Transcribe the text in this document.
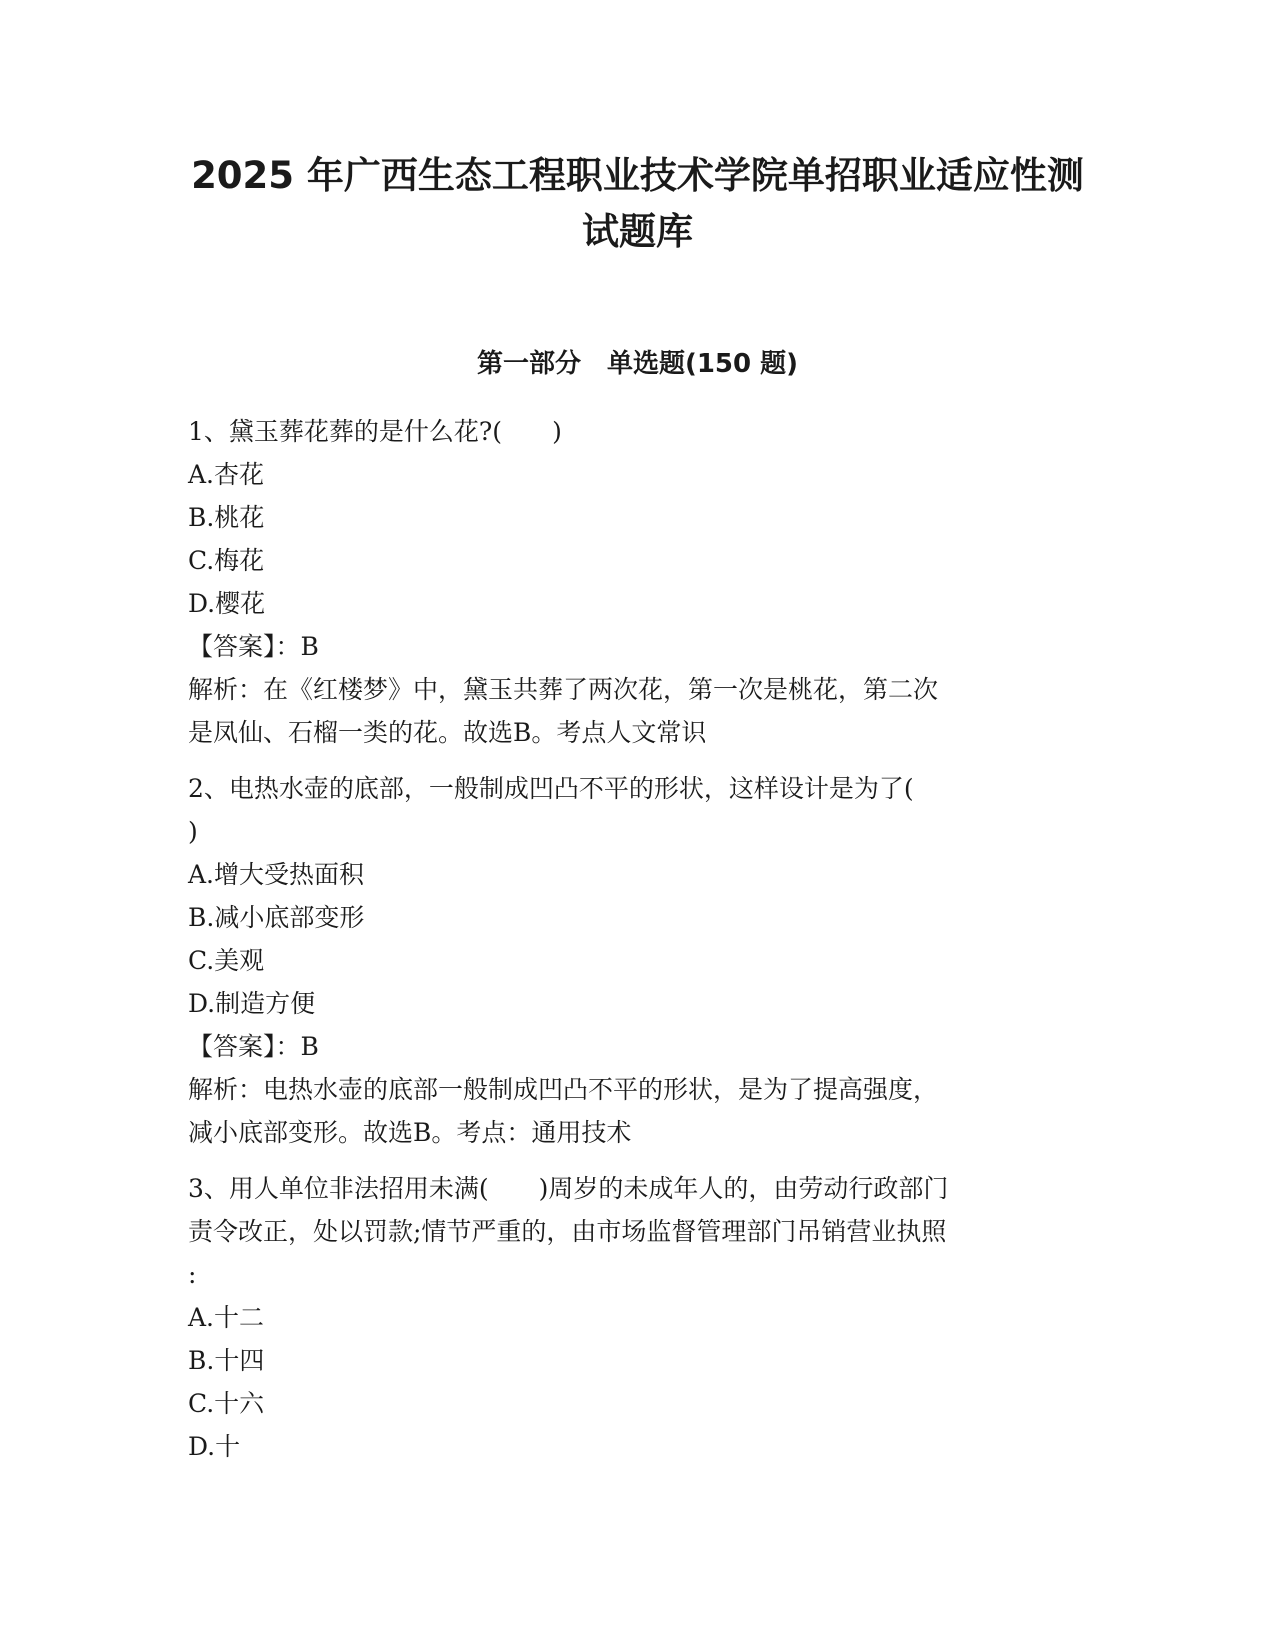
2025 年广西生态工程职业技术学院单招职业适应性测
试题库
第一部分　单选题(150 题)
1、黛玉葬花葬的是什么花?(　　)
A.杏花
B.桃花
C.梅花
D.樱花
【答案】：B
解析：在《红楼梦》中，黛玉共葬了两次花，第一次是桃花，第二次
是凤仙、石榴一类的花。故选B。考点人文常识
2、电热水壶的底部，一般制成凹凸不平的形状，这样设计是为了(
)
A.增大受热面积
B.减小底部变形
C.美观
D.制造方便
【答案】：B
解析：电热水壶的底部一般制成凹凸不平的形状，是为了提高强度，
减小底部变形。故选B。考点：通用技术
3、用人单位非法招用未满(　　)周岁的未成年人的，由劳动行政部门
责令改正，处以罚款;情节严重的，由市场监督管理部门吊销营业执照
:
A.十二
B.十四
C.十六
D.十
